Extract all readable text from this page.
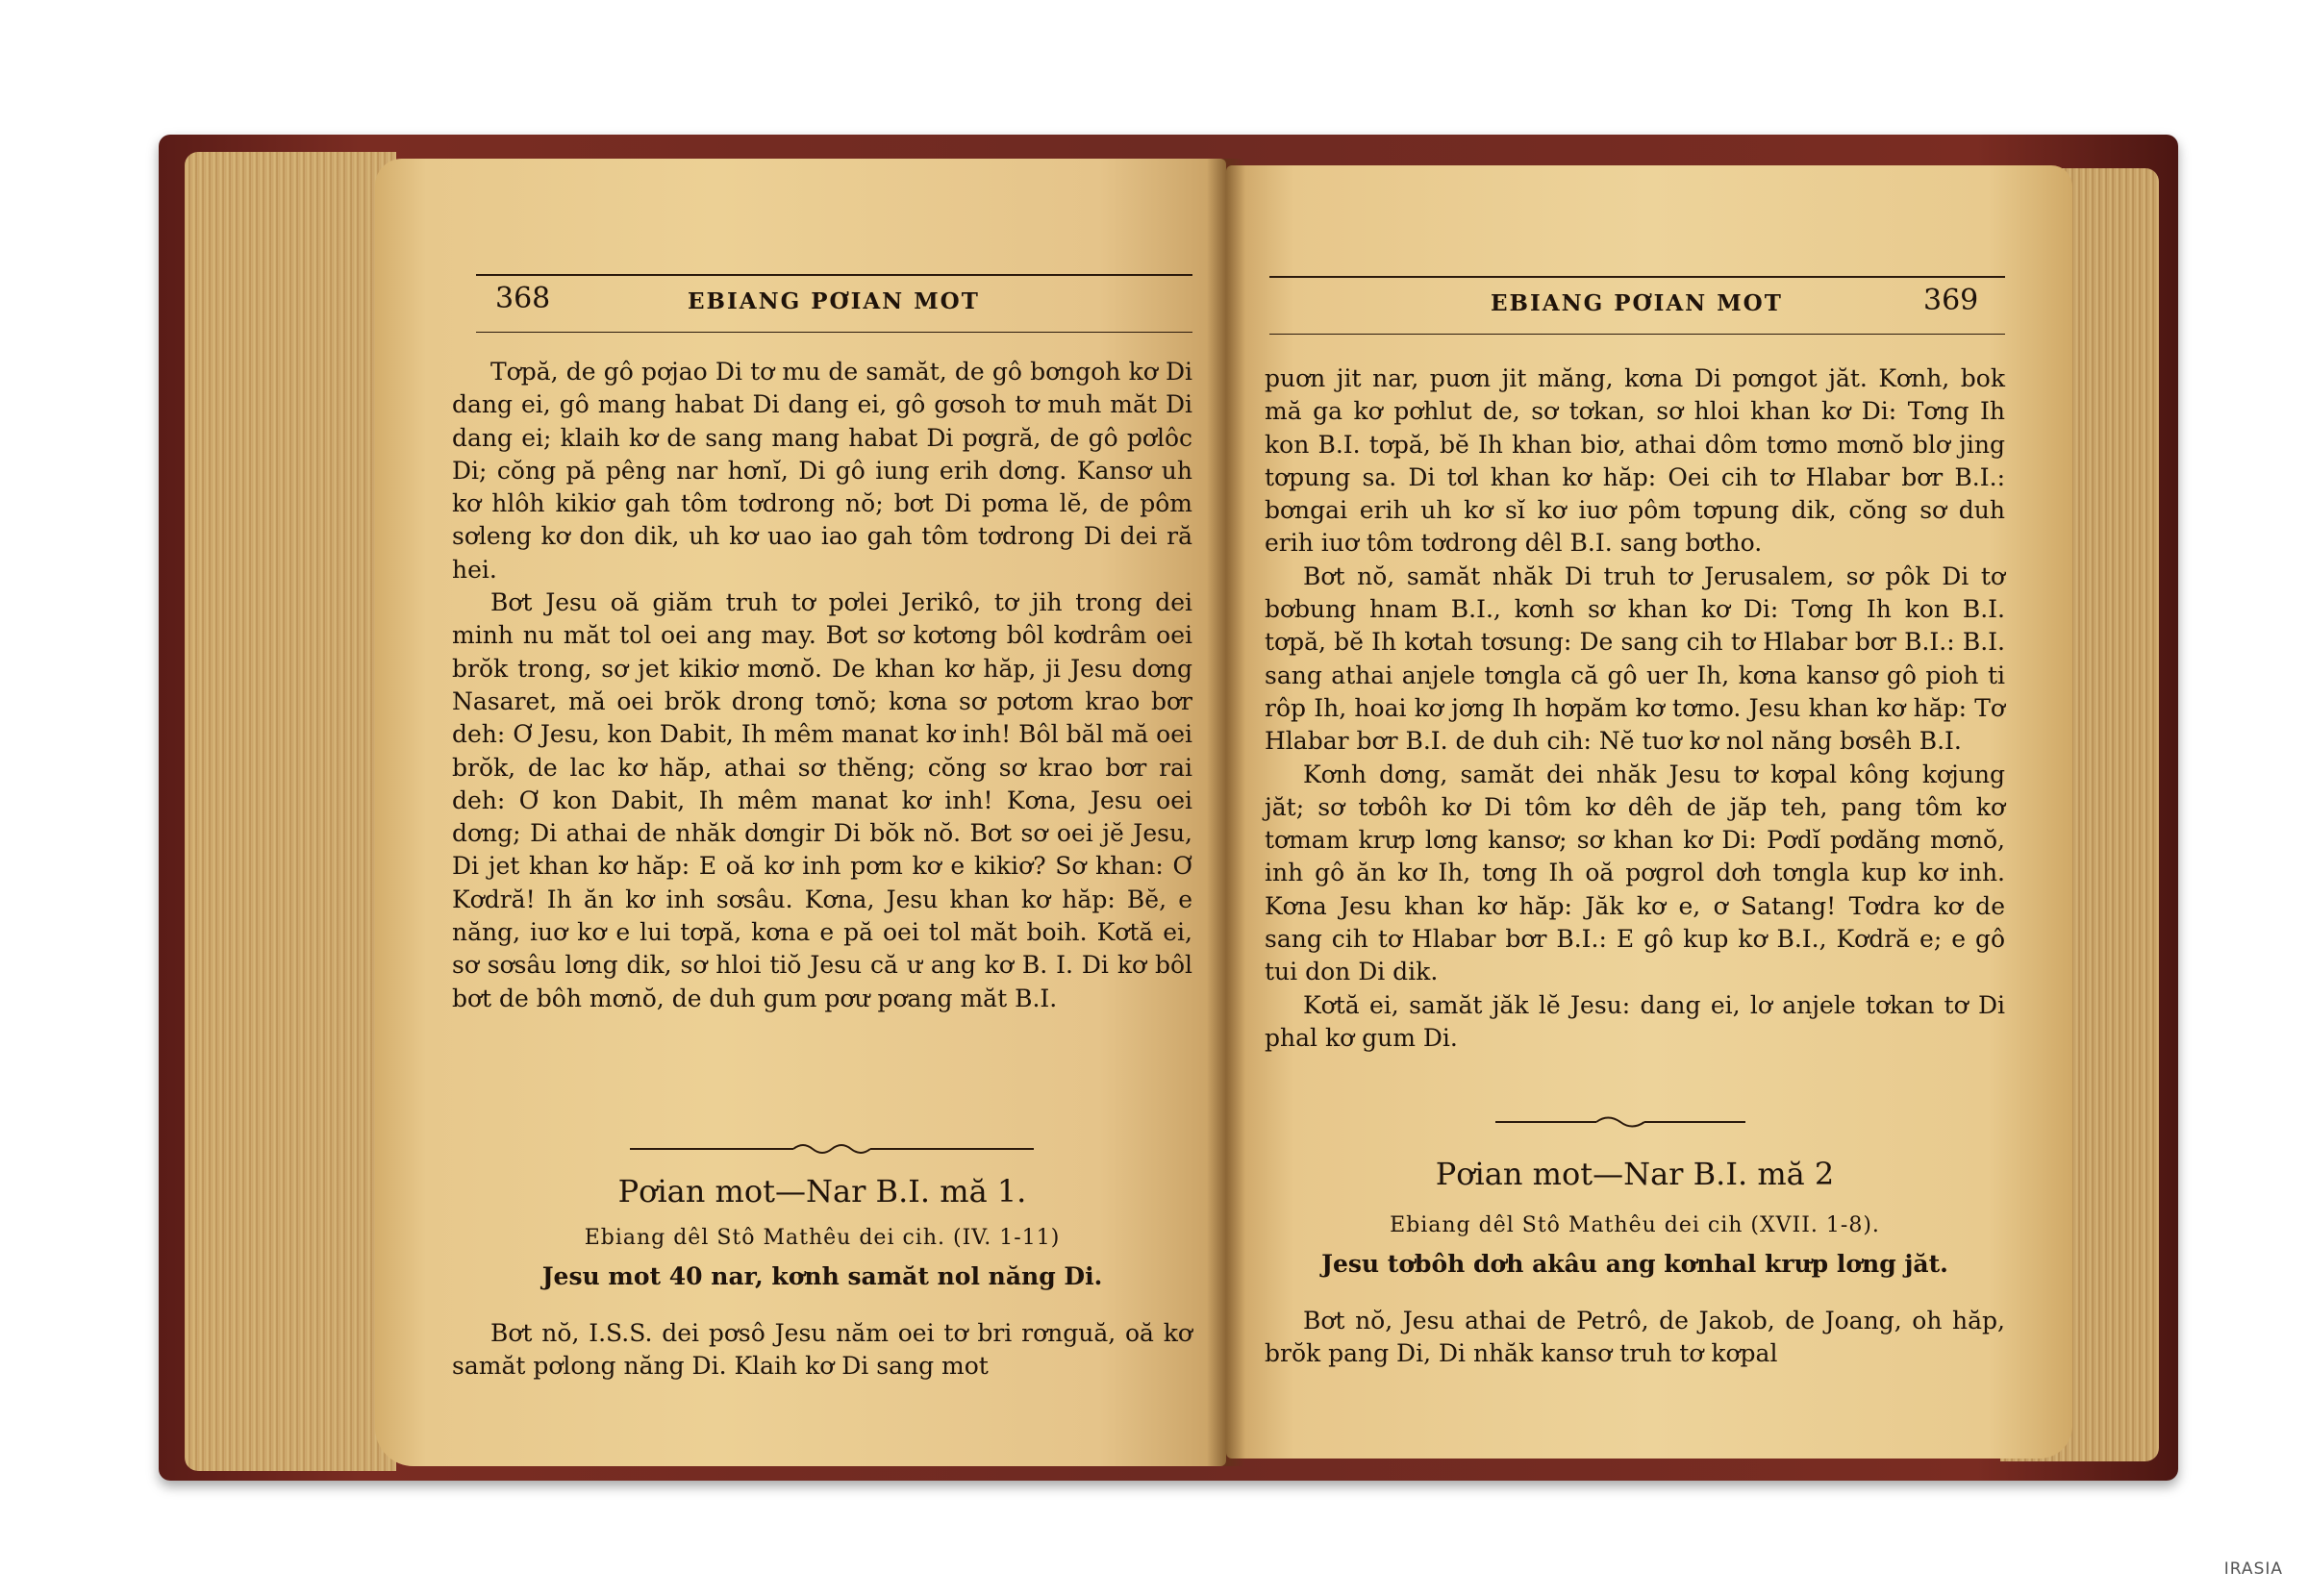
368	EBIANG PƠIAN MOT

Tơpă, de gô pơjao Di tơ mu de samăt, de gô bơngoh kơ Di dang ei, gô mang habat Di dang ei, gô gơsoh tơ muh măt Di dang ei; klaih kơ de sang mang habat Di pơgră, de gô pơlôc Di; cŏng pă pêng nar hơnĭ, Di gô iung erih dơng. Kansơ uh kơ hlôh kikiơ gah tôm tơdrong nŏ; bơt Di pơma lĕ, de pôm sơleng kơ don dik, uh kơ uao iao gah tôm tơdrong Di dei ră hei.

Bơt Jesu oă giăm truh tơ pơlei Jerikô, tơ jih trong dei minh nu măt tol oei ang may. Bơt sơ kơtơng bôl kơdrâm oei brŏk trong, sơ jet kikiơ mơnŏ. De khan kơ hăp, ji Jesu dơng Nasaret, mă oei brŏk drong tơnŏ; kơna sơ pơtơm krao bơr deh: Ơ Jesu, kon Dabit, Ih mêm manat kơ inh! Bôl băl mă oei brŏk, de lac kơ hăp, athai sơ thĕng; cŏng sơ krao bơr rai deh: Ơ kon Dabit, Ih mêm manat kơ inh! Kơna, Jesu oei dơng; Di athai de nhăk dơngir Di bŏk nŏ. Bơt sơ oei jĕ Jesu, Di jet khan kơ hăp: E oă kơ inh pơm kơ e kikiơ? Sơ khan: Ơ Kơdră! Ih ăn kơ inh sơsâu. Kơna, Jesu khan kơ hăp: Bĕ, e năng, iuơ kơ e lui tơpă, kơna e pă oei tol măt boih. Kơtă ei, sơ sơsâu lơng dik, sơ hloi tiŏ Jesu că ư ang kơ B. I. Di kơ bôl bơt de bôh mơnŏ, de duh gum pơư pơang măt B.I.

Pơian mot—Nar B.I. mă 1.

Ebiang dêl Stô Mathêu dei cih. (IV. 1-11)

Jesu mot 40 nar, kơnh samăt nol năng Di.

Bơt nŏ, I.S.S. dei pơsô Jesu năm oei tơ bri rơnguă, oă kơ samăt pơlong năng Di. Klaih kơ Di sang mot

EBIANG PƠIAN MOT	369

puơn jit nar, puơn jit măng, kơna Di pơngot jăt. Kơnh, bok mă ga kơ pơhlut de, sơ tơkan, sơ hloi khan kơ Di: Tơng Ih kon B.I. tơpă, bĕ Ih khan biơ, athai dôm tơmo mơnŏ blơ jing tơpung sa. Di tơl khan kơ hăp: Oei cih tơ Hlabar bơr B.I.: bơngai erih uh kơ sĭ kơ iuơ pôm tơpung dik, cŏng sơ duh erih iuơ tôm tơdrong dêl B.I. sang bơtho.

Bơt nŏ, samăt nhăk Di truh tơ Jerusalem, sơ pôk Di tơ bơbung hnam B.I., kơnh sơ khan kơ Di: Tơng Ih kon B.I. tơpă, bĕ Ih kơtah tơsung: De sang cih tơ Hlabar bơr B.I.: B.I. sang athai anjele tơngla că gô uer Ih, kơna kansơ gô pioh ti rôp Ih, hoai kơ jơng Ih hơpăm kơ tơmo. Jesu khan kơ hăp: Tơ Hlabar bơr B.I. de duh cih: Nĕ tuơ kơ nol năng bơsêh B.I.

Kơnh dơng, samăt dei nhăk Jesu tơ kơpal kông kơjung jăt; sơ tơbôh kơ Di tôm kơ dêh de jăp teh, pang tôm kơ tơmam krưp lơng kansơ; sơ khan kơ Di: Pơdĭ pơdăng mơnŏ, inh gô ăn kơ Ih, tơng Ih oă pơgrol dơh tơngla kup kơ inh. Kơna Jesu khan kơ hăp: Jăk kơ e, ơ Satang! Tơdra kơ de sang cih tơ Hlabar bơr B.I.: E gô kup kơ B.I., Kơdră e; e gô tui don Di dik.

Kơtă ei, samăt jăk lĕ Jesu: dang ei, lơ anjele tơkan tơ Di phal kơ gum Di.

Pơian mot—Nar B.I. mă 2

Ebiang dêl Stô Mathêu dei cih (XVII. 1-8).

Jesu tơbôh dơh akâu ang kơnhal krưp lơng jăt.

Bơt nŏ, Jesu athai de Petrô, de Jakob, de Joang, oh hăp, brŏk pang Di, Di nhăk kansơ truh tơ kơpal

IRASIA
